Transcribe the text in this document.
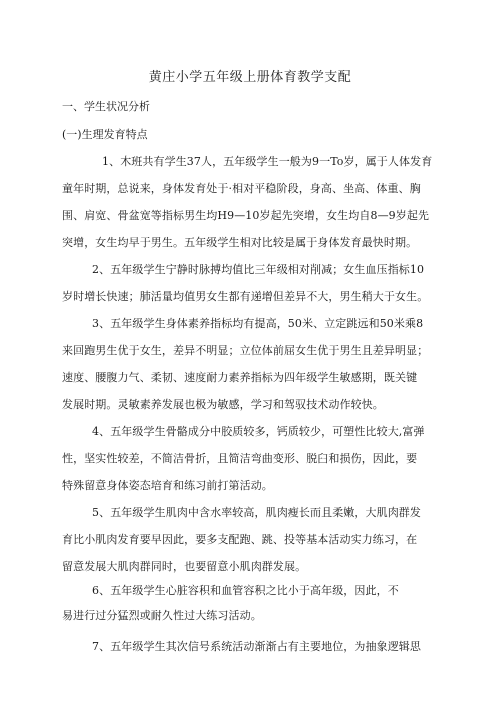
黄庄小学五年级上册体育教学支配
一、学生状况分析
(一)生理发育特点
1、木班共有学生37人，五年级学生一般为9一To岁，属于人体发育
童年时期，总说来，身体发育处于·相对平稳阶段，身高、坐高、体重、胸
围、肩宽、骨盆宽等指标男生均H9—10岁起先突增，女生均自8—9岁起先
突增，女生均早于男生。五年级学生相对比较是属于身体发育最快时期。
2、五年级学生宁静时脉搏均值比三年级相对削减；女生血压指标10
岁时增长快速；肺活量均值男女生都有递增但差异不大，男生稍大于女生。
3、五年级学生身体素养指标均有提高，50米、立定跳远和50米乘8
来回跑男生优于女生，差异不明显；立位体前屈女生优于男生且差异明显；
速度、腰腹力气、柔韧、速度耐力素养指标为四年级学生敏感期，既关键
发展时期。灵敏素养发展也极为敏感，学习和驾驭技术动作较快。
4、五年级学生骨骼成分中胶质较多，钙质较少，可塑性比较大,富弹
性，坚实性较差，不简洁骨折，且简洁弯曲变形、脱臼和损伤，因此，要
特殊留意身体姿态培育和练习前打第活动。
5、五年级学生肌肉中含水率较高，肌肉瘦长而且柔嫩，大肌肉群发
育比小肌肉发育要早因此，要多支配跑、跳、投等基本活动实力练习，在
留意发展大肌肉群同时，也要留意小肌肉群发展。
6、五年级学生心脏容积和血管容积之比小于高年级，因此，不
易进行过分猛烈或耐久性过大练习活动。
7、五年级学生其次信号系统活动渐渐占有主要地位，为抽象逻辑思
